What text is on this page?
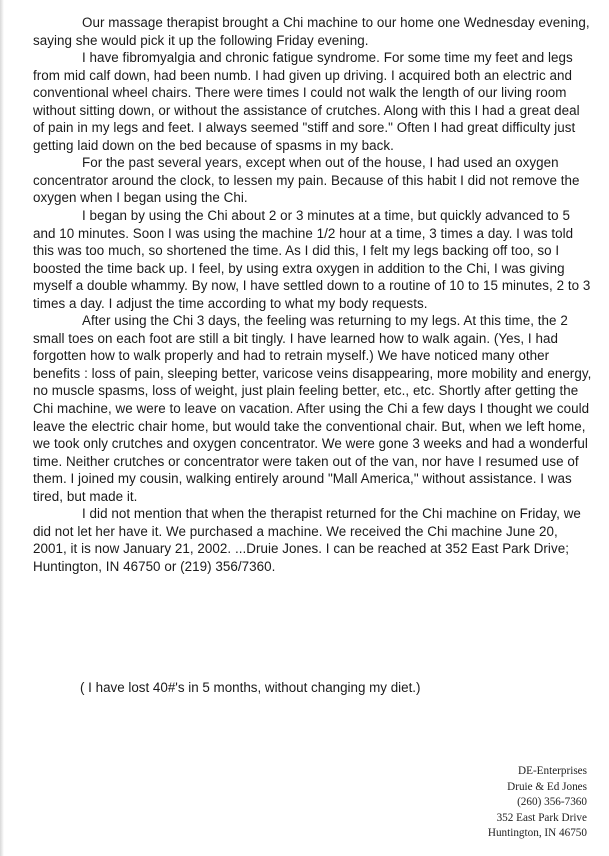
Our massage therapist brought a Chi machine to our home one Wednesday evening, saying she would pick it up the following Friday evening.

I have fibromyalgia and chronic fatigue syndrome. For some time my feet and legs from mid calf down, had been numb. I had given up driving. I acquired both an electric and conventional wheel chairs. There were times I could not walk the length of our living room without sitting down, or without the assistance of crutches. Along with this I had a great deal of pain in my legs and feet. I always seemed "stiff and sore." Often I had great difficulty just getting laid down on the bed because of spasms in my back.

For the past several years, except when out of the house, I had used an oxygen concentrator around the clock, to lessen my pain. Because of this habit I did not remove the oxygen when I began using the Chi.

I began by using the Chi about 2 or 3 minutes at a time, but quickly advanced to 5 and 10 minutes. Soon I was using the machine 1/2 hour at a time, 3 times a day. I was told this was too much, so shortened the time. As I did this, I felt my legs backing off too, so I boosted the time back up. I feel, by using extra oxygen in addition to the Chi, I was giving myself a double whammy. By now, I have settled down to a routine of 10 to 15 minutes, 2 to 3 times a day. I adjust the time according to what my body requests.

After using the Chi 3 days, the feeling was returning to my legs. At this time, the 2 small toes on each foot are still a bit tingly. I have learned how to walk again. (Yes, I had forgotten how to walk properly and had to retrain myself.) We have noticed many other benefits : loss of pain, sleeping better, varicose veins disappearing, more mobility and energy, no muscle spasms, loss of weight, just plain feeling better, etc., etc. Shortly after getting the Chi machine, we were to leave on vacation. After using the Chi a few days I thought we could leave the electric chair home, but would take the conventional chair. But, when we left home, we took only crutches and oxygen concentrator. We were gone 3 weeks and had a wonderful time. Neither crutches or concentrator were taken out of the van, nor have I resumed use of them. I joined my cousin, walking entirely around "Mall America," without assistance. I was tired, but made it.

I did not mention that when the therapist returned for the Chi machine on Friday, we did not let her have it. We purchased a machine. We received the Chi machine June 20, 2001, it is now January 21, 2002. ...Druie Jones. I can be reached at 352 East Park Drive; Huntington, IN 46750 or (219) 356/7360.

( I have lost 40#'s in 5 months, without changing my diet.)
DE-Enterprises
Druie & Ed Jones
(260) 356-7360
352 East Park Drive
Huntington, IN 46750
